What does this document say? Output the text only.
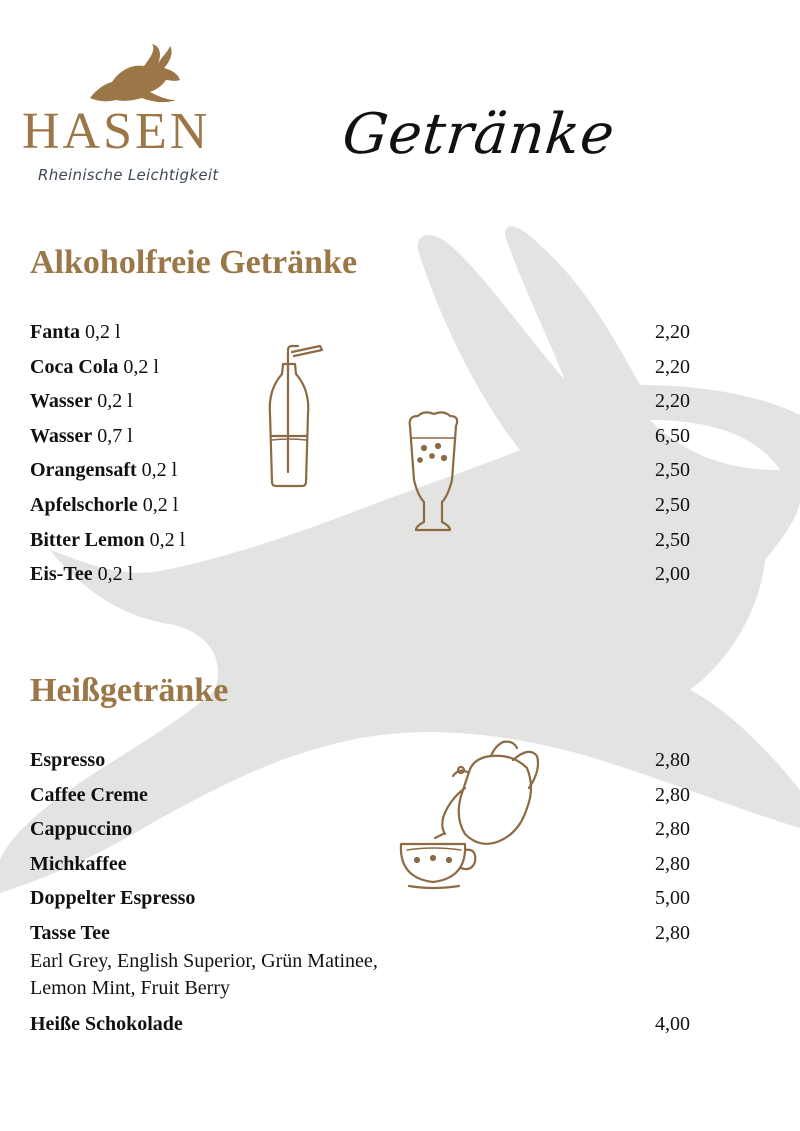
HASEN
Rheinische Leichtigkeit
Getränke
Alkoholfreie Getränke
Fanta 0,2 l	2,20
Coca Cola 0,2 l	2,20
Wasser 0,2 l	2,20
Wasser 0,7 l	6,50
Orangensaft 0,2 l	2,50
Apfelschorle 0,2 l	2,50
Bitter Lemon 0,2 l	2,50
Eis-Tee 0,2 l	2,00
Heißgetränke
Espresso	2,80
Caffee Creme	2,80
Cappuccino	2,80
Michkaffee	2,80
Doppelter Espresso	5,00
Tasse Tee	2,80
Earl Grey, English Superior, Grün Matinee,
Lemon Mint, Fruit Berry
Heiße Schokolade	4,00
